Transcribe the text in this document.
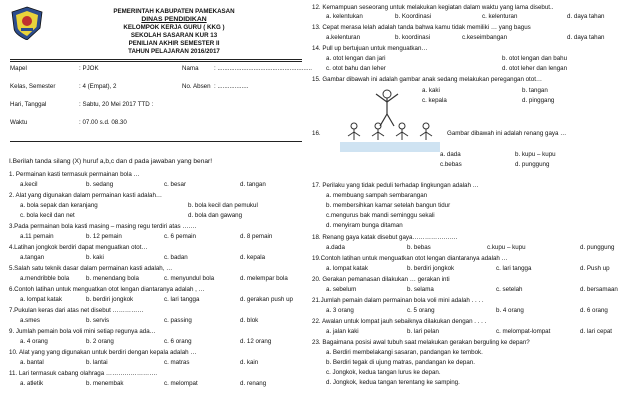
PEMERINTAH KABUPATEN PAMEKASAN
DINAS PENDIDIKAN
KELOMPOK KERJA GURU ( KKG )
SEKOLAH SASARAN KUR 13
PENILIAN AKHIR SEMESTER II
TAHUN PELAJARAN 2016/2017
Mapel	: PJOK	Nama : .......................................................
Kelas, Semester	: 4 (Empat), 2	No. Absen : ..................
Hari, Tanggal	: Sabtu, 20 Mei 2017 TTD :
Waktu	: 07.00 s.d. 08.30
I.Berilah tanda silang (X) huruf a,b,c dan d pada jawaban yang benar!
1. Permainan kasti termasuk permainan bola …
a.kecil	b. sedang	c. besar	d. tangan
2. Alat yang digunakan dalam permainan kasti adalah…
a. bola sepak dan keranjang	b. bola kecil dan pemukul
c. bola kecil dan net	d. bola dan gawang
3.Pada permainan bola kasti masing – masing regu terdiri atas …….
a.11 pemain	b. 12 pemain	c. 6 pemain	d. 8 pemain
4.Latihan jongkok berdiri dapat menguatkan otot…
a.tangan	b. kaki	c. badan	d. kepala
5.Salah satu teknik dasar dalam permainan kasti adalah, …
a.mendribble bola	b. menendang bola	c. menyundul bola	d. melempar bola
6.Contoh latihan untuk menguatkan otot lengan diantaranya adalah , …
a. lompat katak	b. berdiri jongkok	c. lari tangga	d. gerakan push up
7.Pukulan keras dari atas net disebut ……………
a.smes	b. servis	c. passing	d. blok
9. Jumlah pemain bola voli mini setiap regunya ada…
a. 4 orang	b. 2 orang	c. 6 orang	d. 12 orang
10. Alat yang yang digunakan untuk berdiri dengan kepala adalah …
a. bantal	b. lantai	c. matras	d. kain
11. Lari termasuk cabang olahraga …………………….
a. atletik	b. menembak	c. melompat	d. renang
12. Kemampuan seseorang untuk melakukan kegiatan dalam waktu yang lama disebut..
a. kelentukan	b. Koordinasi	c. kelenturan	d. daya tahan
13. Cepat merasa lelah adalah tanda bahwa kamu tidak memiliki … yang bagus
a.kelenturan	b. koordinasi	c.keseimbangan	d. daya tahan
14. Pull up bertujuan untuk menguatkan…
a. otot lengan dan jari	b. otot lengan dan bahu
c. otot bahu dan leher	d. otot leher dan lengan
15. Gambar dibawah ini adalah gambar anak sedang melakukan peregangan otot…
a. kaki	b. tangan
c. kepala	d. pinggang
16.	Gambar dibawah ini adalah renang gaya …
a. dada	b. kupu – kupu
c.bebas	d. punggung
17. Perilaku yang tidak peduli terhadap lingkungan adalah …
a. membuang sampah sembarangan
b. membersihkan kamar setelah bangun tidur
c.mengurus bak mandi seminggu sekali
d. menyiram bunga ditaman
18. Renang gaya katak disebut gaya………………….
a.dada	b. bebas	c.kupu – kupu	d. punggung
19.Contoh latihan untuk menguatkan otot lengan diantaranya adalah …
a. lompat katak	b. berdiri jongkok	c. lari tangga	d. Push up
20. Gerakan pemanasan dilakukan … gerakan inti
a. sebelum	b. selama	c. setelah	d. bersamaan
21.Jumlah pemain dalam permainan bola voli mini adalah . . . .
a. 3 orang	c. 5 orang	b. 4 orang	d. 6 orang
22. Awalan untuk lompat jauh sebaiknya dilakukan dengan . . . .
a. jalan kaki	b. lari pelan	c. melompat-lompat	d. lari cepat
23. Bagaimana posisi awal tubuh saat melakukan gerakan berguling ke depan?
a. Berdiri membelakangi sasaran, pandangan ke tembok.
b. Berdiri tegak di ujung matras, pandangan ke depan.
c. Jongkok, kedua tangan lurus ke depan.
d. Jongkok, kedua tangan terentang ke samping.
